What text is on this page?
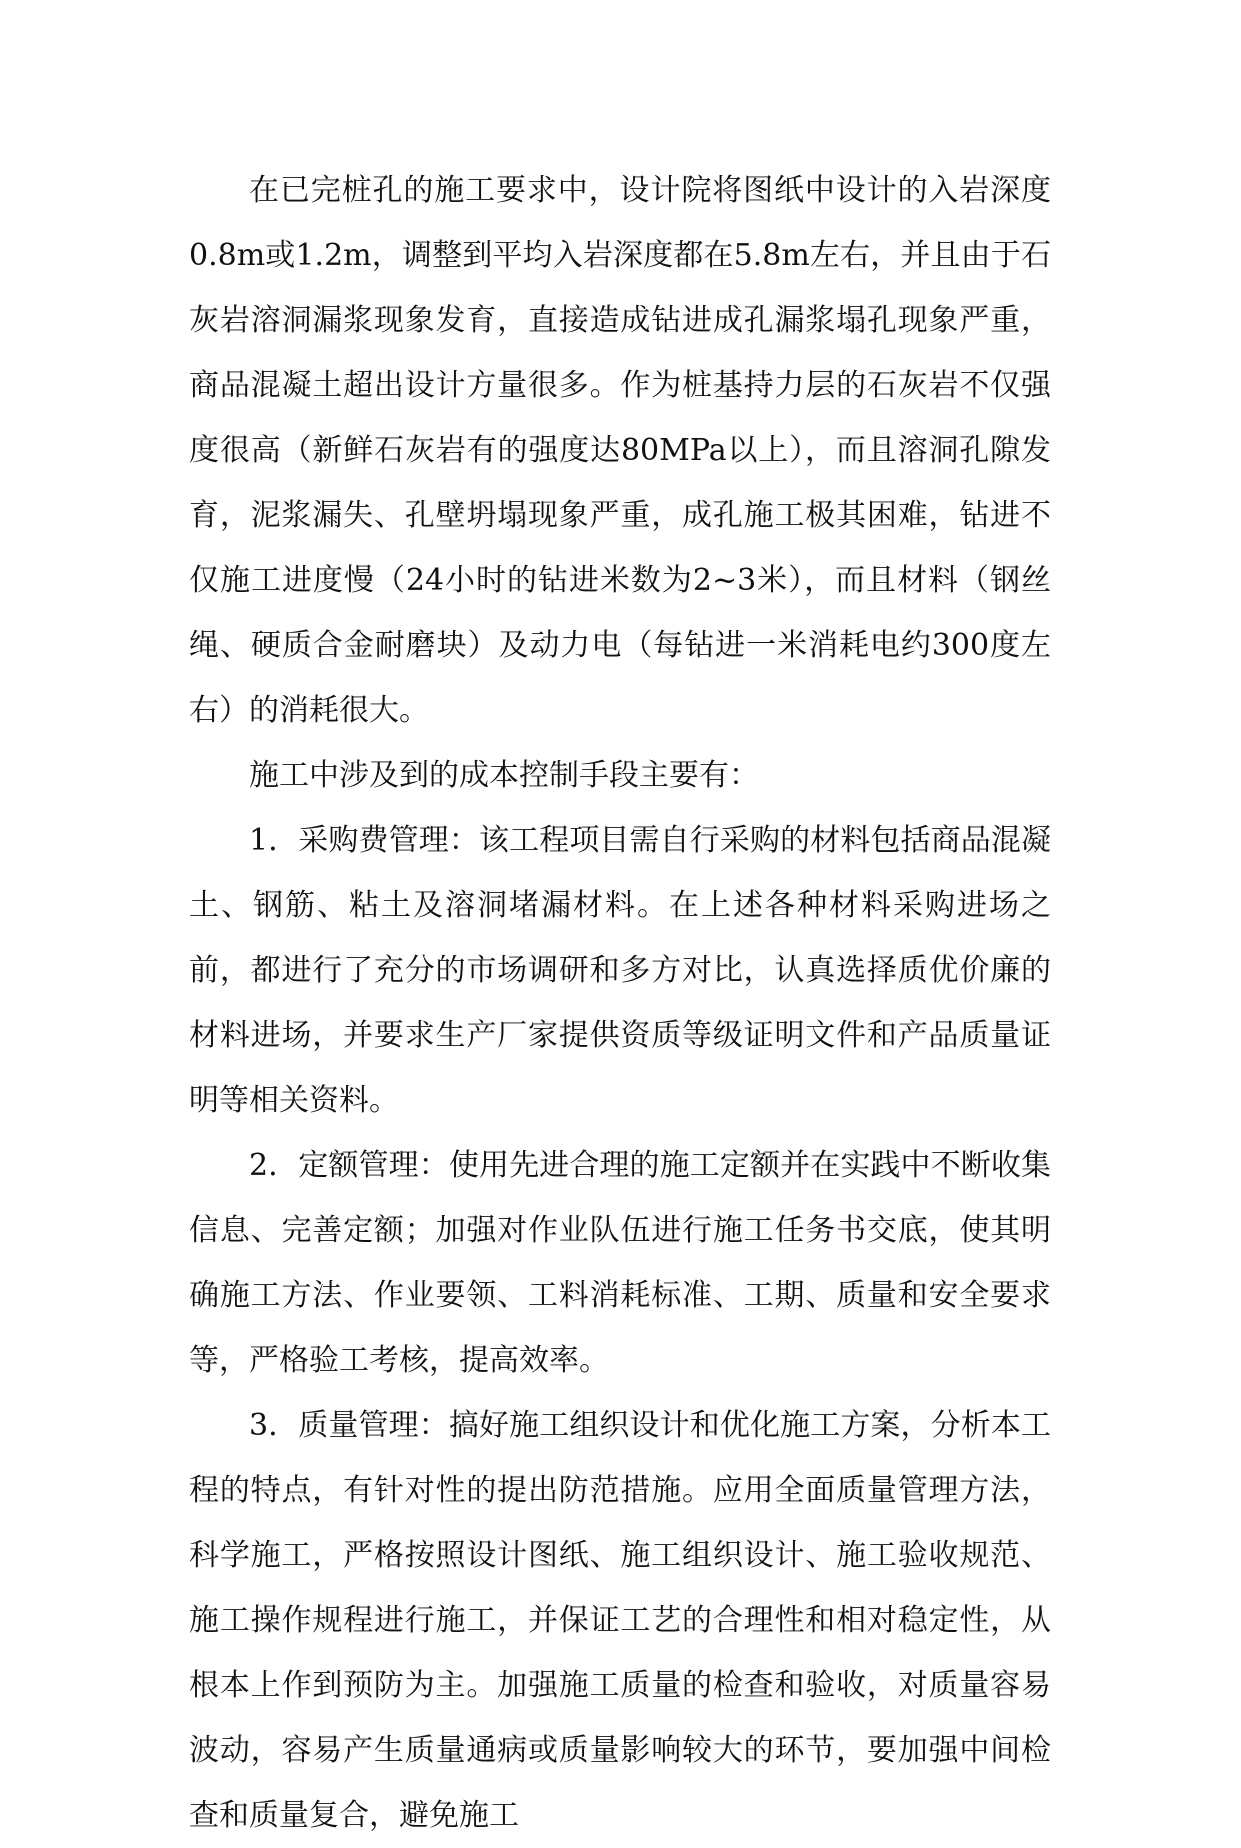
在已完桩孔的施工要求中，设计院将图纸中设计的入岩深度0.8m或1.2m，调整到平均入岩深度都在5.8m左右，并且由于石灰岩溶洞漏浆现象发育，直接造成钻进成孔漏浆塌孔现象严重，商品混凝土超出设计方量很多。作为桩基持力层的石灰岩不仅强度很高（新鲜石灰岩有的强度达80MPa以上），而且溶洞孔隙发育，泥浆漏失、孔壁坍塌现象严重，成孔施工极其困难，钻进不仅施工进度慢（24小时的钻进米数为2~3米），而且材料（钢丝绳、硬质合金耐磨块）及动力电（每钻进一米消耗电约300度左右）的消耗很大。

施工中涉及到的成本控制手段主要有：

1．采购费管理：该工程项目需自行采购的材料包括商品混凝土、钢筋、粘土及溶洞堵漏材料。在上述各种材料采购进场之前，都进行了充分的市场调研和多方对比，认真选择质优价廉的材料进场，并要求生产厂家提供资质等级证明文件和产品质量证明等相关资料。

2．定额管理：使用先进合理的施工定额并在实践中不断收集信息、完善定额；加强对作业队伍进行施工任务书交底，使其明确施工方法、作业要领、工料消耗标准、工期、质量和安全要求等，严格验工考核，提高效率。

3．质量管理：搞好施工组织设计和优化施工方案，分析本工程的特点，有针对性的提出防范措施。应用全面质量管理方法，科学施工，严格按照设计图纸、施工组织设计、施工验收规范、施工操作规程进行施工，并保证工艺的合理性和相对稳定性，从根本上作到预防为主。加强施工质量的检查和验收，对质量容易波动，容易产生质量通病或质量影响较大的环节，要加强中间检查和质量复合，避免施工
